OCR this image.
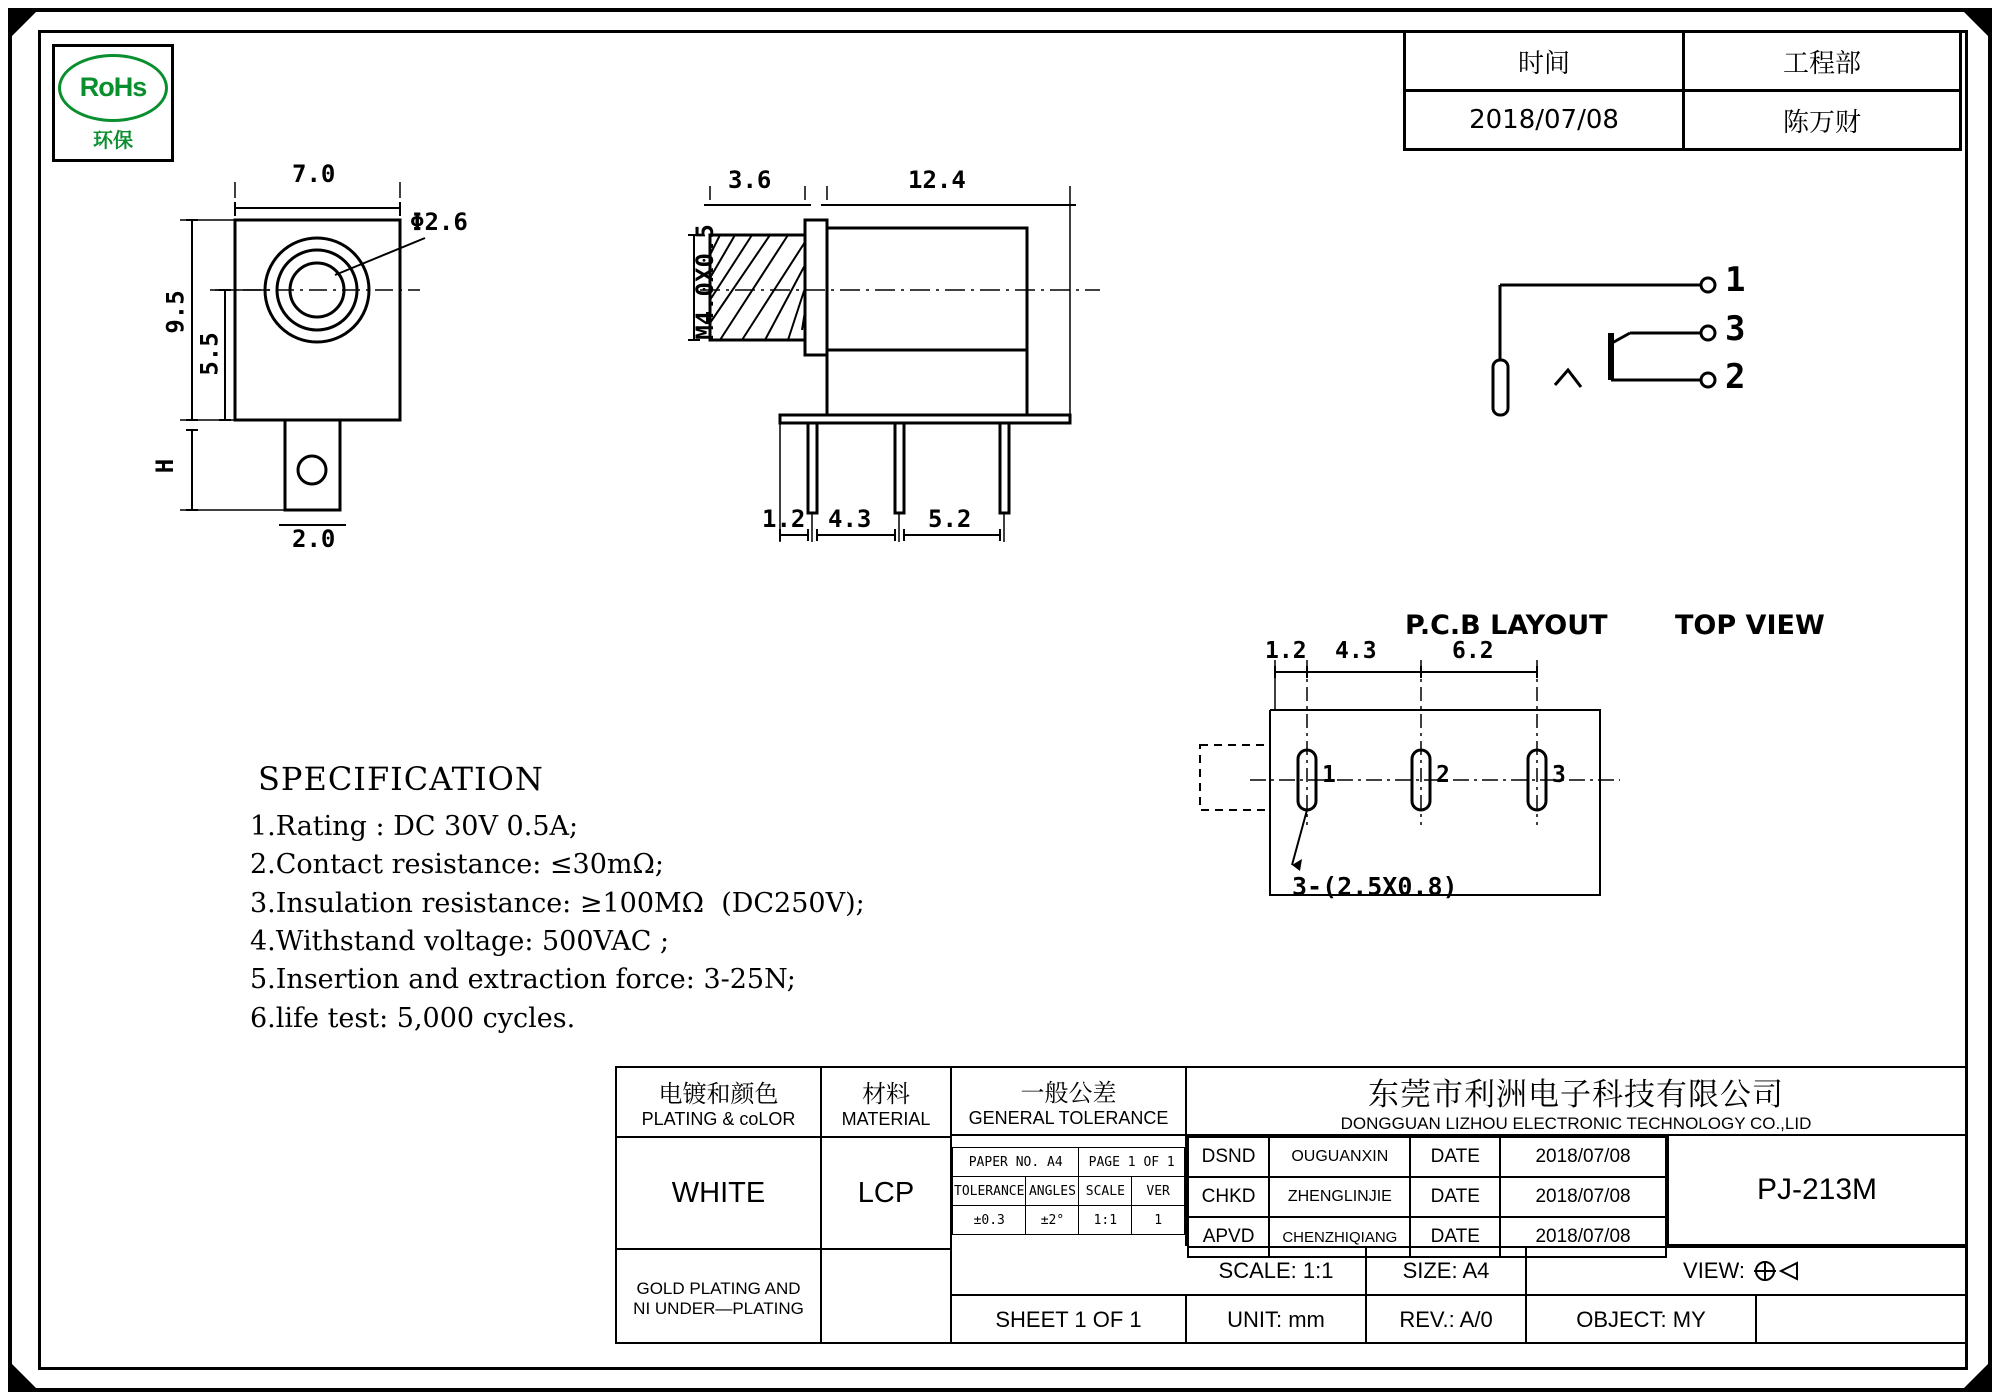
RoHs
环保
时间	工程部
2018/07/08	陈万财
7.0
Φ2.6
9.5
5.5
H
2.0
3.6	12.4
M4.0X0.5
1.2 4.3 5.2
1
3
2
P.C.B LAYOUT TOP VIEW
1.2 4.3	6.2
1	2	3
3-(2.5X0.8)
SPECIFICATION
1.Rating : DC 30V 0.5A;
2.Contact resistance: ≤30mΩ;
3.Insulation resistance: ≥100MΩ  (DC250V);
4.Withstand voltage: 500VAC ;
5.Insertion and extraction force: 3-25N;
6.life test: 5,000 cycles.
电镀和颜色
PLATING & coLOR
WHITE
GOLD PLATING AND
NI UNDER—PLATING
材料
MATERIAL
LCP
一般公差
GENERAL TOLERANCE
东莞市利洲电子科技有限公司
DONGGUAN LIZHOU ELECTRONIC TECHNOLOGY CO.,LID
PAPER NO. A4		PAGE 1 OF 1	
TOLERANCE	ANGLES	SCALE	VER
±0.3	±2°	1:1	1
DSND	OUGUANXIN	DATE	2018/07/08
CHKD	ZHENGLINJIE	DATE	2018/07/08
APVD	CHENZHIQIANG	DATE	2018/07/08
PJ-213M
SCALE: 1:1	SIZE: A4	VIEW:
SHEET 1 OF 1	UNIT: mm	REV.: A/0	OBJECT: MY
